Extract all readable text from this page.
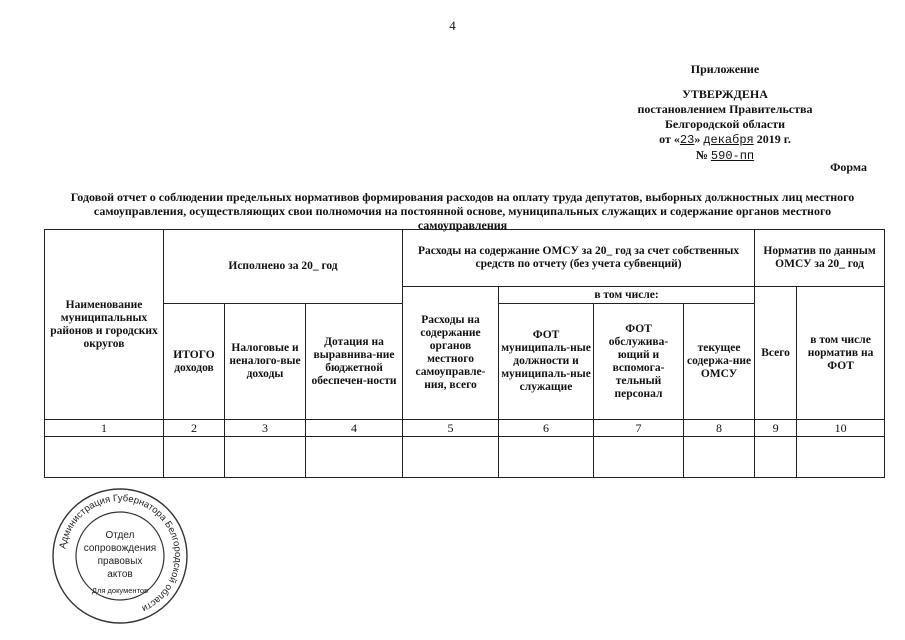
4
Приложение
УТВЕРЖДЕНА
постановлением Правительства
Белгородской области
от «23» декабря 2019 г.
№ 590-пп
Форма
Годовой отчет о соблюдении предельных нормативов формирования расходов на оплату труда депутатов, выборных должностных лиц местного самоуправления, осуществляющих свои полномочия на постоянной основе, муниципальных служащих и содержание органов местного самоуправления
Наименование муниципальных районов и городских округов	Исполнено за 20_ год			Расходы на содержание ОМСУ за 20_ год за счет собственных средств по отчету (без учета субвенций)				Норматив по данным ОМСУ за 20_ год	
				Расходы на содержание органов местного самоуправле-ния, всего	в том числе:			Всего	в том числе норматив на ФОТ
	ИТОГО доходов	Налоговые и неналого-вые доходы	Дотация на выравнива-ние бюджетной обеспечен-ности		ФОТ муниципаль-ные должности и муниципаль-ные служащие	ФОТ обслужива-ющий и вспомога-тельный персонал	текущее содержа-ние ОМСУ		
1	2	3	4	5	6	7	8	9	10

Администрация Губернатора Белгородской области
Отдел
сопровождения
правовых
актов
Для документов
